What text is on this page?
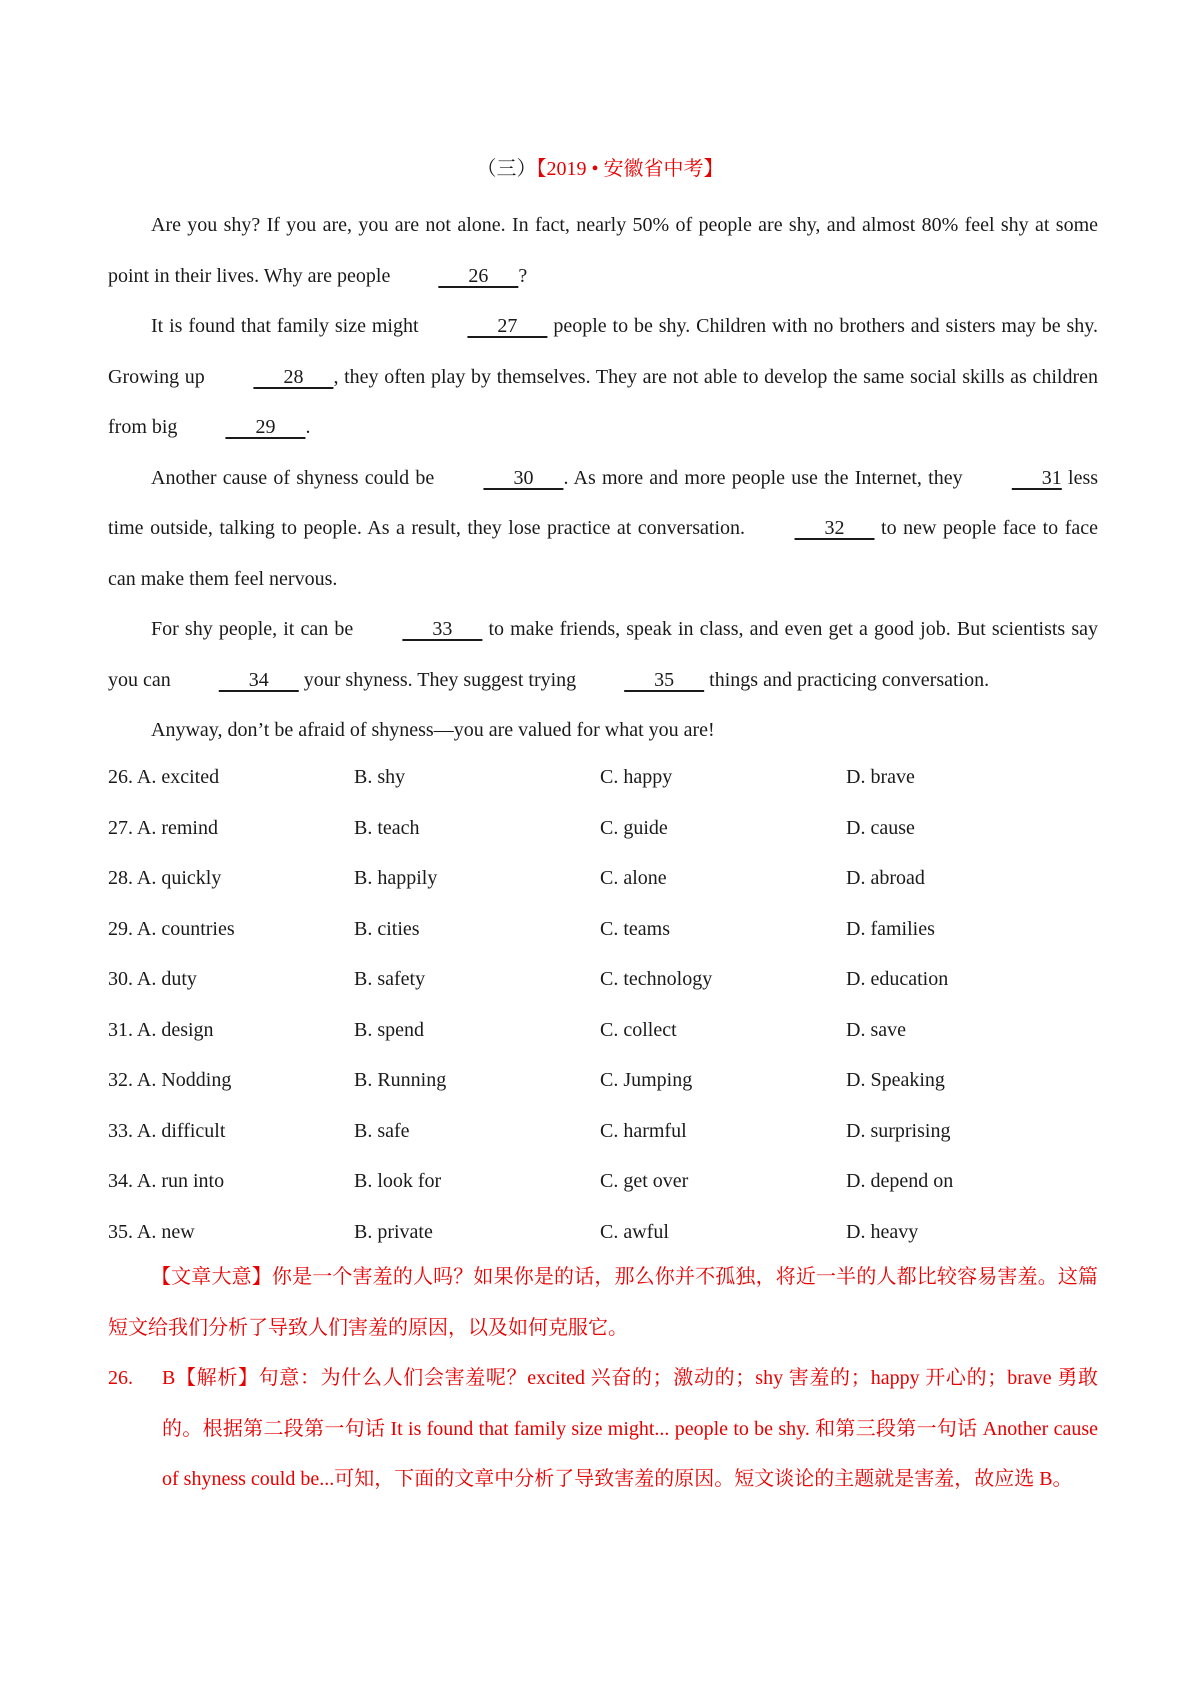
（三）【2019 • 安徽省中考】

Are you shy? If you are, you are not alone. In fact, nearly 50% of people are shy, and almost 80% feel shy at some point in their lives. Why are people       26      ?

It is found that family size might       27       people to be shy. Children with no brothers and sisters may be shy. Growing up       28      , they often play by themselves. They are not able to develop the same social skills as children from big       29      .

Another cause of shyness could be       30      . As more and more people use the Internet, they       31 less time outside, talking to people. As a result, they lose practice at conversation.       32       to new people face to face can make them feel nervous.

For shy people, it can be       33       to make friends, speak in class, and even get a good job. But scientists say you can       34       your shyness. They suggest trying       35       things and practicing conversation.

Anyway, don’t be afraid of shyness—you are valued for what you are!

26. A. excited	B. shy	C. happy	D. brave
27. A. remind	B. teach	C. guide	D. cause
28. A. quickly	B. happily	C. alone	D. abroad
29. A. countries	B. cities	C. teams	D. families
30. A. duty	B. safety	C. technology	D. education
31. A. design	B. spend	C. collect	D. save
32. A. Nodding	B. Running	C. Jumping	D. Speaking
33. A. difficult	B. safe	C. harmful	D. surprising
34. A. run into	B. look for	C. get over	D. depend on
35. A. new	B. private	C. awful	D. heavy

【文章大意】你是一个害羞的人吗？如果你是的话，那么你并不孤独，将近一半的人都比较容易害羞。这篇短文给我们分析了导致人们害羞的原因，以及如何克服它。

26.	B【解析】句意：为什么人们会害羞呢？excited 兴奋的；激动的；shy 害羞的；happy 开心的；brave 勇敢的。根据第二段第一句话 It is found that family size might... people to be shy. 和第三段第一句话 Another cause of shyness could be...可知，下面的文章中分析了导致害羞的原因。短文谈论的主题就是害羞，故应选 B。
